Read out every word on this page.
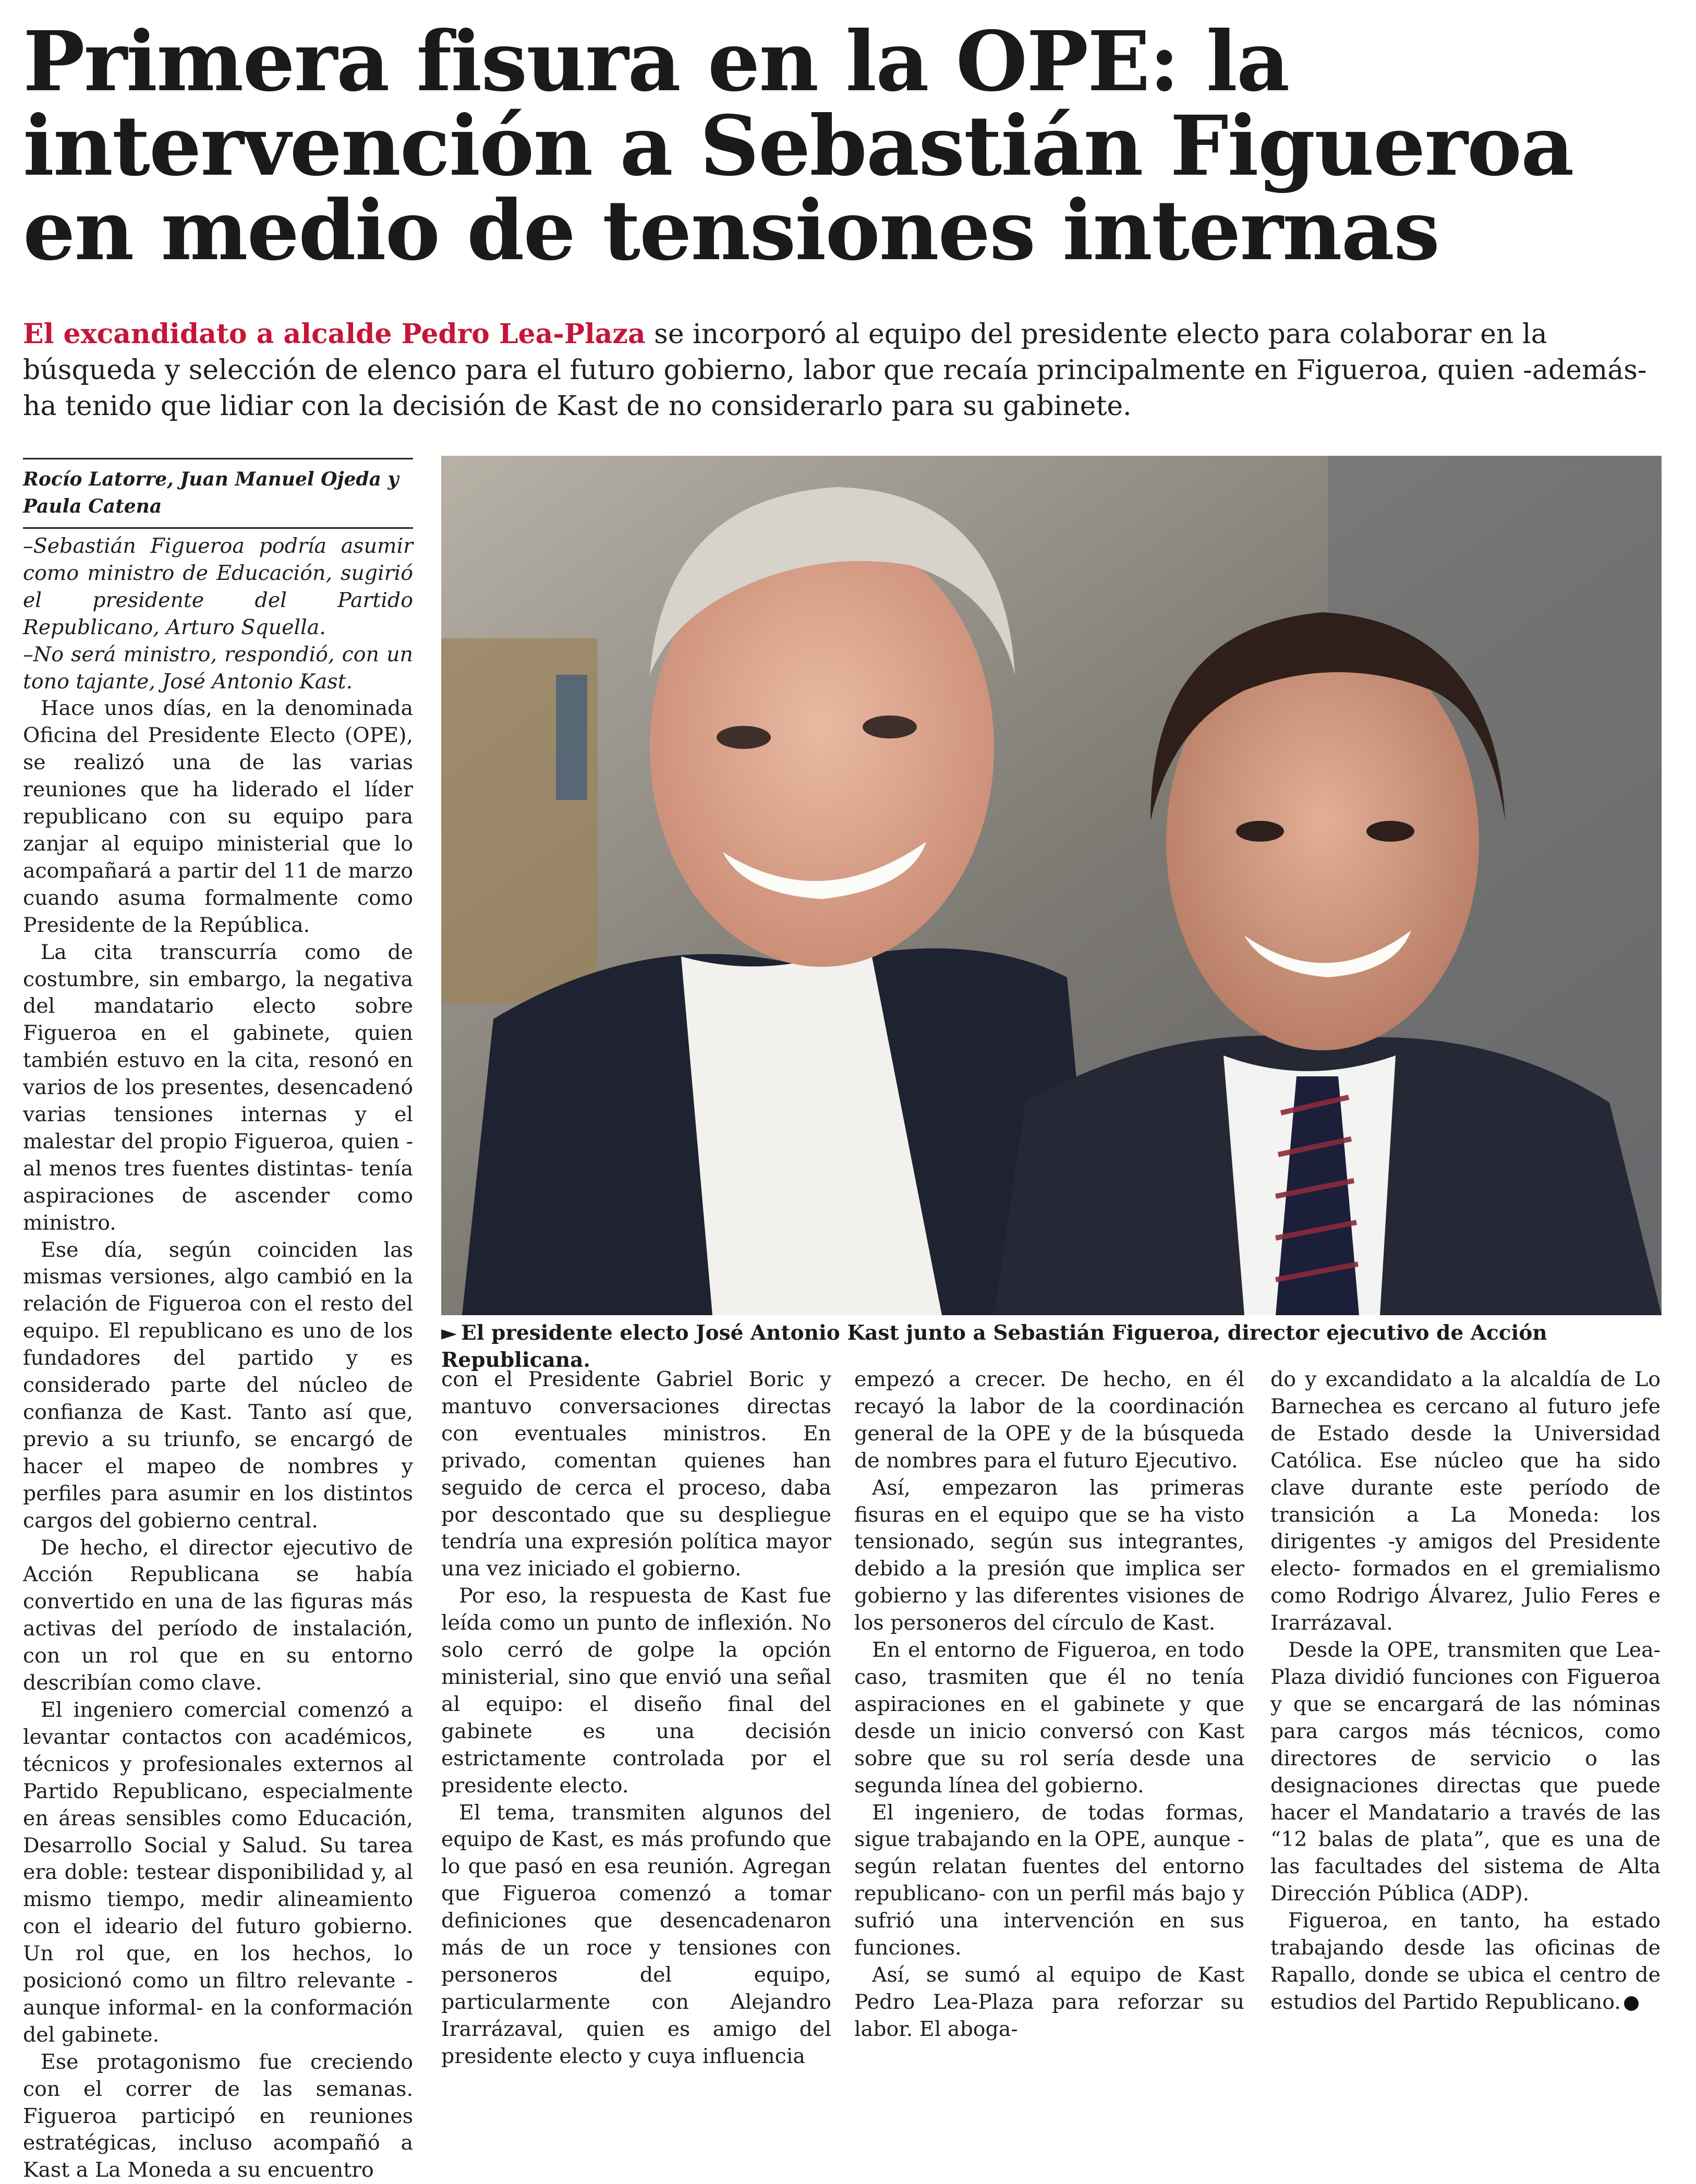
Primera fisura en la OPE: la intervención a Sebastián Figueroa en medio de tensiones internas

El excandidato a alcalde Pedro Lea-Plaza se incorporó al equipo del presidente electo para colaborar en la búsqueda y selección de elenco para el futuro gobierno, labor que recaía principalmente en Figueroa, quien -además- ha tenido que lidiar con la decisión de Kast de no considerarlo para su gabinete.

Rocío Latorre, Juan Manuel Ojeda y Paula Catena
► El presidente electo José Antonio Kast junto a Sebastián Figueroa, director ejecutivo de Acción Republicana.

–Sebastián Figueroa podría asumir como ministro de Educación, sugirió el presidente del Partido Republicano, Arturo Squella.

–No será ministro, respondió, con un tono tajante, José Antonio Kast.

Hace unos días, en la denominada Oficina del Presidente Electo (OPE), se realizó una de las varias reuniones que ha liderado el líder republicano con su equipo para zanjar al equipo ministerial que lo acompañará a partir del 11 de marzo cuando asuma formalmente como Presidente de la República.

La cita transcurría como de costumbre, sin embargo, la negativa del mandatario electo sobre Figueroa en el gabinete, quien también estuvo en la cita, resonó en varios de los presentes, desencadenó varias tensiones internas y el malestar del propio Figueroa, quien -al menos tres fuentes distintas- tenía aspiraciones de ascender como ministro.

Ese día, según coinciden las mismas versiones, algo cambió en la relación de Figueroa con el resto del equipo. El republicano es uno de los fundadores del partido y es considerado parte del núcleo de confianza de Kast. Tanto así que, previo a su triunfo, se encargó de hacer el mapeo de nombres y perfiles para asumir en los distintos cargos del gobierno central.

De hecho, el director ejecutivo de Acción Republicana se había convertido en una de las figuras más activas del período de instalación, con un rol que en su entorno describían como clave.

El ingeniero comercial comenzó a levantar contactos con académicos, técnicos y profesionales externos al Partido Republicano, especialmente en áreas sensibles como Educación, Desarrollo Social y Salud. Su tarea era doble: testear disponibilidad y, al mismo tiempo, medir alineamiento con el ideario del futuro gobierno. Un rol que, en los hechos, lo posicionó como un filtro relevante -aunque informal- en la conformación del gabinete.

Ese protagonismo fue creciendo con el correr de las semanas. Figueroa participó en reuniones estratégicas, incluso acompañó a Kast a La Moneda a su encuentro

con el Presidente Gabriel Boric y mantuvo conversaciones directas con eventuales ministros. En privado, comentan quienes han seguido de cerca el proceso, daba por descontado que su despliegue tendría una expresión política mayor una vez iniciado el gobierno.

Por eso, la respuesta de Kast fue leída como un punto de inflexión. No solo cerró de golpe la opción ministerial, sino que envió una señal al equipo: el diseño final del gabinete es una decisión estrictamente controlada por el presidente electo.

El tema, transmiten algunos del equipo de Kast, es más profundo que lo que pasó en esa reunión. Agregan que Figueroa comenzó a tomar definiciones que desencadenaron más de un roce y tensiones con personeros del equipo, particularmente con Alejandro Irarrázaval, quien es amigo del presidente electo y cuya influencia

empezó a crecer. De hecho, en él recayó la labor de la coordinación general de la OPE y de la búsqueda de nombres para el futuro Ejecutivo.

Así, empezaron las primeras fisuras en el equipo que se ha visto tensionado, según sus integrantes, debido a la presión que implica ser gobierno y las diferentes visiones de los personeros del círculo de Kast.

En el entorno de Figueroa, en todo caso, trasmiten que él no tenía aspiraciones en el gabinete y que desde un inicio conversó con Kast sobre que su rol sería desde una segunda línea del gobierno.

El ingeniero, de todas formas, sigue trabajando en la OPE, aunque -según relatan fuentes del entorno republicano- con un perfil más bajo y sufrió una intervención en sus funciones.

Así, se sumó al equipo de Kast Pedro Lea-Plaza para reforzar su labor. El aboga-

do y excandidato a la alcaldía de Lo Barnechea es cercano al futuro jefe de Estado desde la Universidad Católica. Ese núcleo que ha sido clave durante este período de transición a La Moneda: los dirigentes -y amigos del Presidente electo- formados en el gremialismo como Rodrigo Álvarez, Julio Feres e Irarrázaval.

Desde la OPE, transmiten que Lea-Plaza dividió funciones con Figueroa y que se encargará de las nóminas para cargos más técnicos, como directores de servicio o las designaciones directas que puede hacer el Mandatario a través de las “12 balas de plata”, que es una de las facultades del sistema de Alta Dirección Pública (ADP).

Figueroa, en tanto, ha estado trabajando desde las oficinas de Rapallo, donde se ubica el centro de estudios del Partido Republicano.
